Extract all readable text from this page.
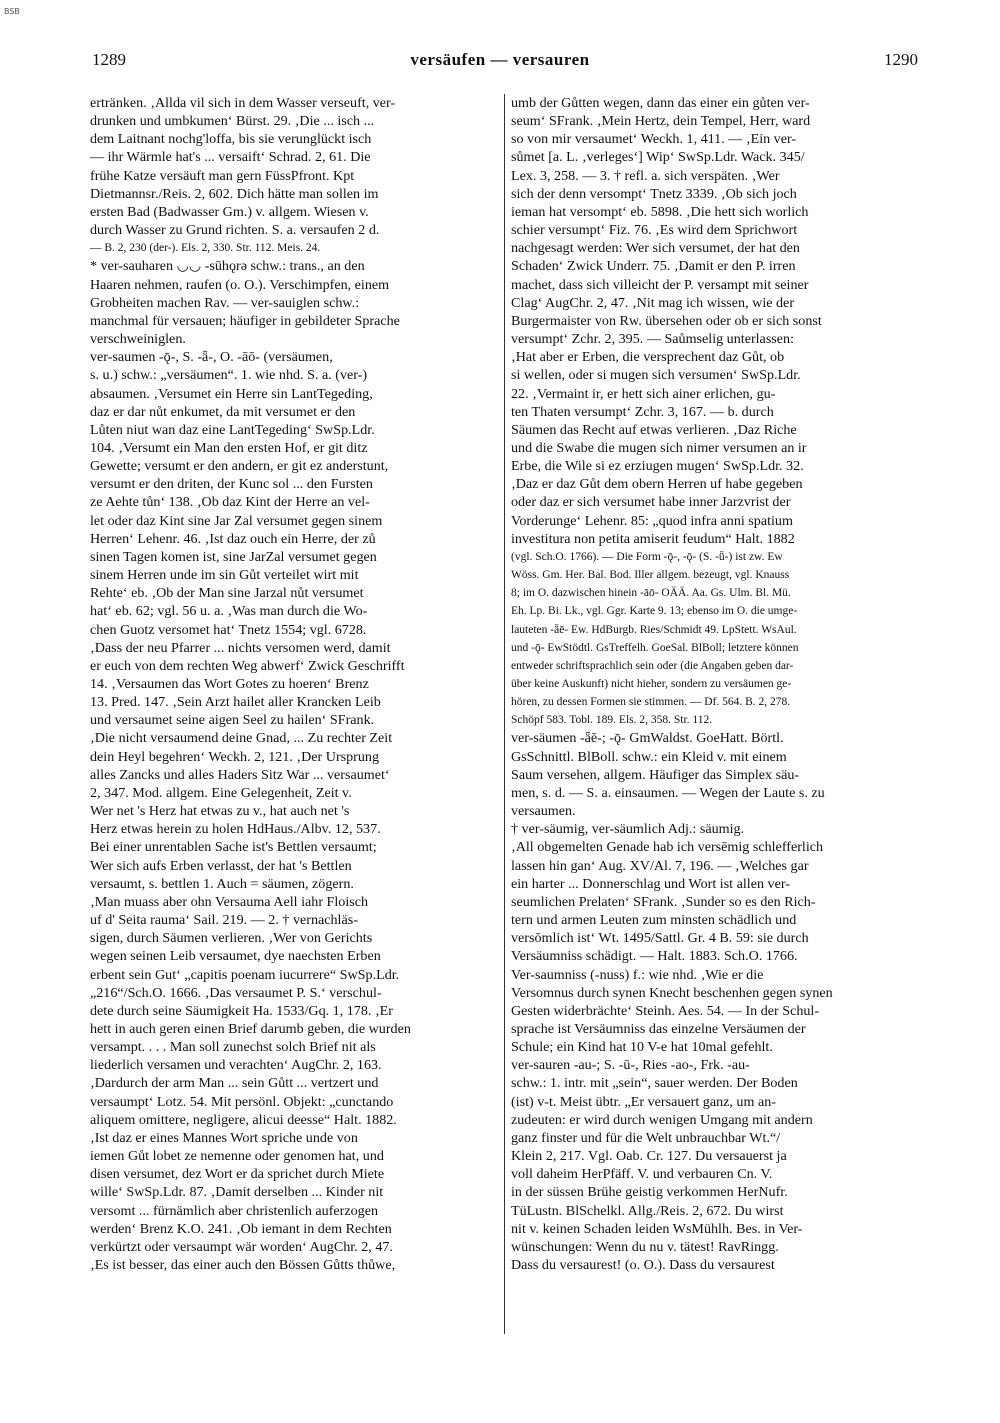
BSB
1289	versäufen — versauren	1290
ertränken. ‚Allda vil sich in dem Wasser verseuft, ver-
drunken und umbkumen‘ Bürst. 29. ‚Die ... isch ...
dem Laitnant nochg'loffa, bis sie verunglückt isch
— ihr Wärmle hat's ... versaift‘ Schrad. 2, 61. Die
frühe Katze versäuft man gern FüssPfront. Kpt
Dietmannsr./Reis. 2, 602. Dich hätte man sollen im
ersten Bad (Badwasser Gm.) v. allgem. Wiesen v.
durch Wasser zu Grund richten. S. a. versaufen 2 d.
— B. 2, 230 (der-). Els. 2, 330. Str. 112. Meis. 24.
* ver-sauharen ◡◡ -sūhǫrə schw.: trans., an den
Haaren nehmen, raufen (o. O.). Verschimpfen, einem
Grobheiten machen Rav. — ver-sauiglen schw.:
manchmal für versauen; häufiger in gebildeter Sprache
verschweiniglen.
ver-saumen -ǭ-, S. -ǟ-, O. -āō- (versäumen,
s. u.) schw.: „versäumen“. 1. wie nhd. S. a. (ver-)
absaumen. ‚Versumet ein Herre sin LantTegeding,
daz er dar nůt enkumet, da mit versumet er den
Lůten niut wan daz eine LantTegeding‘ SwSp.Ldr.
104. ‚Versumt ein Man den ersten Hof, er git ditz
Gewette; versumt er den andern, er git ez anderstunt,
versumt er den driten, der Kunc sol ... den Fursten
ze Aehte tůn‘ 138. ‚Ob daz Kint der Herre an vel-
let oder daz Kint sine Jar Zal versumet gegen sinem
Herren‘ Lehenr. 46. ‚Ist daz ouch ein Herre, der zů
sinen Tagen komen ist, sine JarZal versumet gegen
sinem Herren unde im sin Gůt verteilet wirt mit
Rehte‘ eb. ‚Ob der Man sine Jarzal nůt versumet
hat‘ eb. 62; vgl. 56 u. a. ‚Was man durch die Wo-
chen Guotz versomet hat‘ Tnetz 1554; vgl. 6728.
‚Dass der neu Pfarrer ... nichts versomen werd, damit
er euch von dem rechten Weg abwerf‘ Zwick Geschrifft
14. ‚Versaumen das Wort Gotes zu hoeren‘ Brenz
13. Pred. 147. ‚Sein Arzt hailet aller Krancken Leib
und versaumet seine aigen Seel zu hailen‘ SFrank.
‚Die nicht versaumend deine Gnad, ... Zu rechter Zeit
dein Heyl begehren‘ Weckh. 2, 121. ‚Der Ursprung
alles Zancks und alles Haders Sitz War ... versaumet‘
2, 347. Mod. allgem. Eine Gelegenheit, Zeit v.
Wer net 's Herz hat etwas zu v., hat auch net 's
Herz etwas herein zu holen HdHaus./Albv. 12, 537.
Bei einer unrentablen Sache ist's Bettlen versaumt;
Wer sich aufs Erben verlasst, der hat 's Bettlen
versaumt, s. bettlen 1. Auch = säumen, zögern.
‚Man muass aber ohn Versauma Aell iahr Floisch
uf d' Seita rauma‘ Sail. 219. — 2. † vernachläs-
sigen, durch Säumen verlieren. ‚Wer von Gerichts
wegen seinen Leib versaumet, dye naechsten Erben
erbent sein Gut‘ „capitis poenam iucurrere“ SwSp.Ldr.
„216“/Sch.O. 1666. ‚Das versaumet P. S.‘ verschul-
dete durch seine Säumigkeit Ha. 1533/Gq. 1, 178. ‚Er
hett in auch geren einen Brief darumb geben, die wurden
versampt. . . . Man soll zunechst solch Brief nit als
liederlich versamen und verachten‘ AugChr. 2, 163.
‚Dardurch der arm Man ... sein Gůtt ... vertzert und
versaumpt‘ Lotz. 54. Mit persönl. Objekt: „cunctando
aliquem omittere, negligere, alicui deesse“ Halt. 1882.
‚Ist daz er eines Mannes Wort spriche unde von
iemen Gůt lobet ze nemenne oder genomen hat, und
disen versumet, dez Wort er da sprichet durch Miete
wille‘ SwSp.Ldr. 87. ‚Damit derselben ... Kinder nit
versomt ... fürnämlich aber christenlich auferzogen
werden‘ Brenz K.O. 241. ‚Ob iemant in dem Rechten
verkürtzt oder versaumpt wär worden‘ AugChr. 2, 47.
‚Es ist besser, das einer auch den Bössen Gůtts thůwe,
umb der Gůtten wegen, dann das einer ein gůten ver-
seum‘ SFrank. ‚Mein Hertz, dein Tempel, Herr, ward
so von mir versaumet‘ Weckh. 1, 411. — ‚Ein ver-
sůmet [a. L. ‚verleges‘] Wip‘ SwSp.Ldr. Wack. 345/
Lex. 3, 258. — 3. † refl. a. sich verspäten. ‚Wer
sich der denn versompt‘ Tnetz 3339. ‚Ob sich joch
ieman hat versompt‘ eb. 5898. ‚Die hett sich worlich
schier versumpt‘ Fiz. 76. ‚Es wird dem Sprichwort
nachgesagt werden: Wer sich versumet, der hat den
Schaden‘ Zwick Underr. 75. ‚Damit er den P. irren
machet, dass sich villeicht der P. versampt mit seiner
Clag‘ AugChr. 2, 47. ‚Nit mag ich wissen, wie der
Burgermaister von Rw. übersehen oder ob er sich sonst
versumpt‘ Zchr. 2, 395. — Saůmselig unterlassen:
‚Hat aber er Erben, die versprechent daz Gůt, ob
si wellen, oder si mugen sich versumen‘ SwSp.Ldr.
22. ‚Vermaint ir, er hett sich ainer erlichen, gu-
ten Thaten versumpt‘ Zchr. 3, 167. — b. durch
Säumen das Recht auf etwas verlieren. ‚Daz Riche
und die Swabe die mugen sich nimer versumen an ir
Erbe, die Wile si ez erziugen mugen‘ SwSp.Ldr. 32.
‚Daz er daz Gůt dem obern Herren uf habe gegeben
oder daz er sich versumet habe inner Jarzvrist der
Vorderunge‘ Lehenr. 85: „quod infra anni spatium
investitura non petita amiserit feudum“ Halt. 1882
(vgl. Sch.O. 1766). — Die Form -ǭ-, -ǭ- (S. -ǖ-) ist zw. Ew
Wöss. Gm. Her. Bal. Bod. Iller allgem. bezeugt, vgl. Knauss
8; im O. dazwischen hinein -āō- OÄÄ. Aa. Gs. Ulm. Bl. Mü.
Eh. Lp. Bi. Lk., vgl. Ggr. Karte 9. 13; ebenso im O. die umge-
lauteten -ǟē- Ew. HdBurgb. Ries/Schmidt 49. LpStett. WsAul.
und -ǭ- EwStödtl. GsTreffelh. GoeSal. BlBoll; letztere können
entweder schriftsprachlich sein oder (die Angaben geben dar-
über keine Auskunft) nicht hieher, sondern zu versäumen ge-
hören, zu dessen Formen sie stimmen. — Df. 564. B. 2, 278.
Schöpf 583. Tobl. 189. Els. 2, 358. Str. 112.
ver-säumen -ǟē-; -ǭ- GmWaldst. GoeHatt. Börtl.
GsSchnittl. BlBoll. schw.: ein Kleid v. mit einem
Saum versehen, allgem. Häufiger das Simplex säu-
men, s. d. — S. a. einsaumen. — Wegen der Laute s. zu
versaumen.
† ver-säumig, ver-säumlich Adj.: säumig.
‚All obgemelten Genade hab ich versēmig schlefferlich
lassen hin gan‘ Aug. XV/Al. 7, 196. — ‚Welches gar
ein harter ... Donnerschlag und Wort ist allen ver-
seumlichen Prelaten‘ SFrank. ‚Sunder so es den Rich-
tern und armen Leuten zum minsten schädlich und
versōmlich ist‘ Wt. 1495/Sattl. Gr. 4 B. 59: sie durch
Versäumniss schädigt. — Halt. 1883. Sch.O. 1766.
Ver-saumniss (-nuss) f.: wie nhd. ‚Wie er die
Versomnus durch synen Knecht beschenhen gegen synen
Gesten widerbrächte‘ Steinh. Aes. 54. — In der Schul-
sprache ist Versäumniss das einzelne Versäumen der
Schule; ein Kind hat 10 V-e hat 10mal gefehlt.
ver-sauren -au-; S. -ū-, Ries -ao-, Frk. -au-
schw.: 1. intr. mit „sein“, sauer werden. Der Boden
(ist) v-t. Meist übtr. „Er versauert ganz, um an-
zudeuten: er wird durch wenigen Umgang mit andern
ganz finster und für die Welt unbrauchbar Wt.“/
Klein 2, 217. Vgl. Oab. Cr. 127. Du versauerst ja
voll daheim HerPfäff. V. und verbauren Cn. V.
in der süssen Brühe geistig verkommen HerNufr.
TüLustn. BlSchelkl. Allg./Reis. 2, 672. Du wirst
nit v. keinen Schaden leiden WsMühlh. Bes. in Ver-
wünschungen: Wenn du nu v. tätest! RavRingg.
Dass du versaurest! (o. O.). Dass du versaurest
